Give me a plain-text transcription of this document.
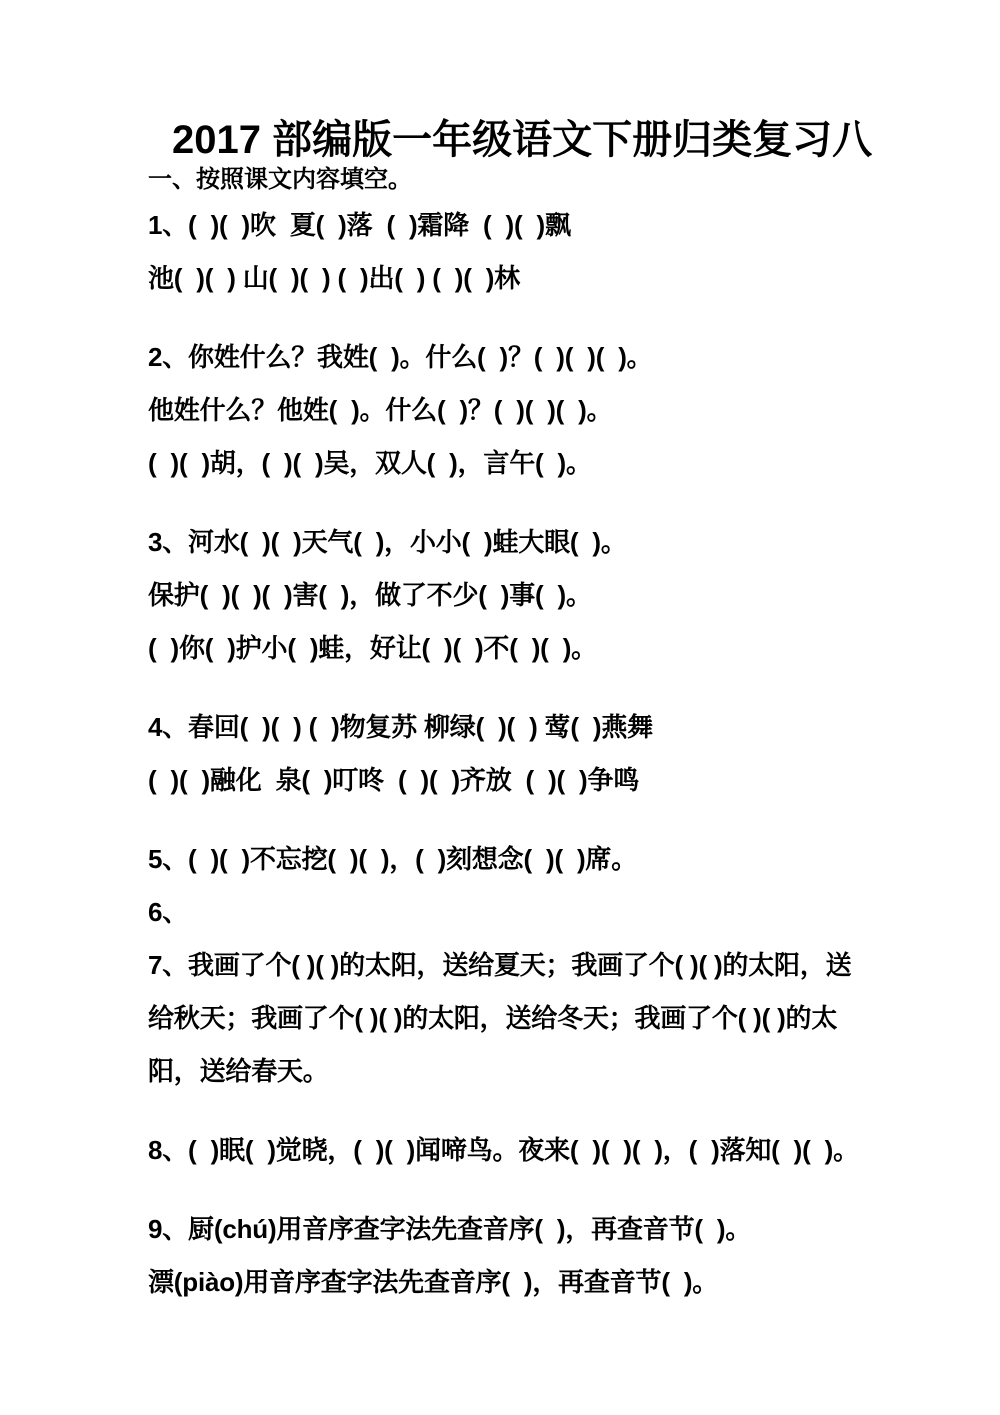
2017 部编版一年级语文下册归类复习八
一、按照课文内容填空。

1、(  )(  )吹  夏(  )落  (  )霜降  (  )(  )飘

池(  )(  ) 山(  )(  ) (  )出(  ) (  )(  )林

2、你姓什么？我姓(  )。什么(  )？(  )(  )(  )。

他姓什么？他姓(  )。什么(  )？(  )(  )(  )。

(  )(  )胡，(  )(  )吴，双人(  )，言午(  )。

3、河水(  )(  )天气(  )，小小(  )蛙大眼(  )。

保护(  )(  )(  )害(  )，做了不少(  )事(  )。

(  )你(  )护小(  )蛙，好让(  )(  )不(  )(  )。

4、春回(  )(  ) (  )物复苏 柳绿(  )(  ) 莺(  )燕舞

(  )(  )融化  泉(  )叮咚  (  )(  )齐放  (  )(  )争鸣

5、(  )(  )不忘挖(  )(  )，(  )刻想念(  )(  )席。

6、

7、我画了个( )( )的太阳，送给夏天；我画了个( )( )的太阳，送给秋天；我画了个( )( )的太阳，送给冬天；我画了个( )( )的太阳，送给春天。

8、(  )眠(  )觉晓，(  )(  )闻啼鸟。夜来(  )(  )(  )，(  )落知(  )(  )。

9、厨(chú)用音序查字法先查音序(  )，再查音节(  )。

漂(piào)用音序查字法先查音序(  )，再查音节(  )。
